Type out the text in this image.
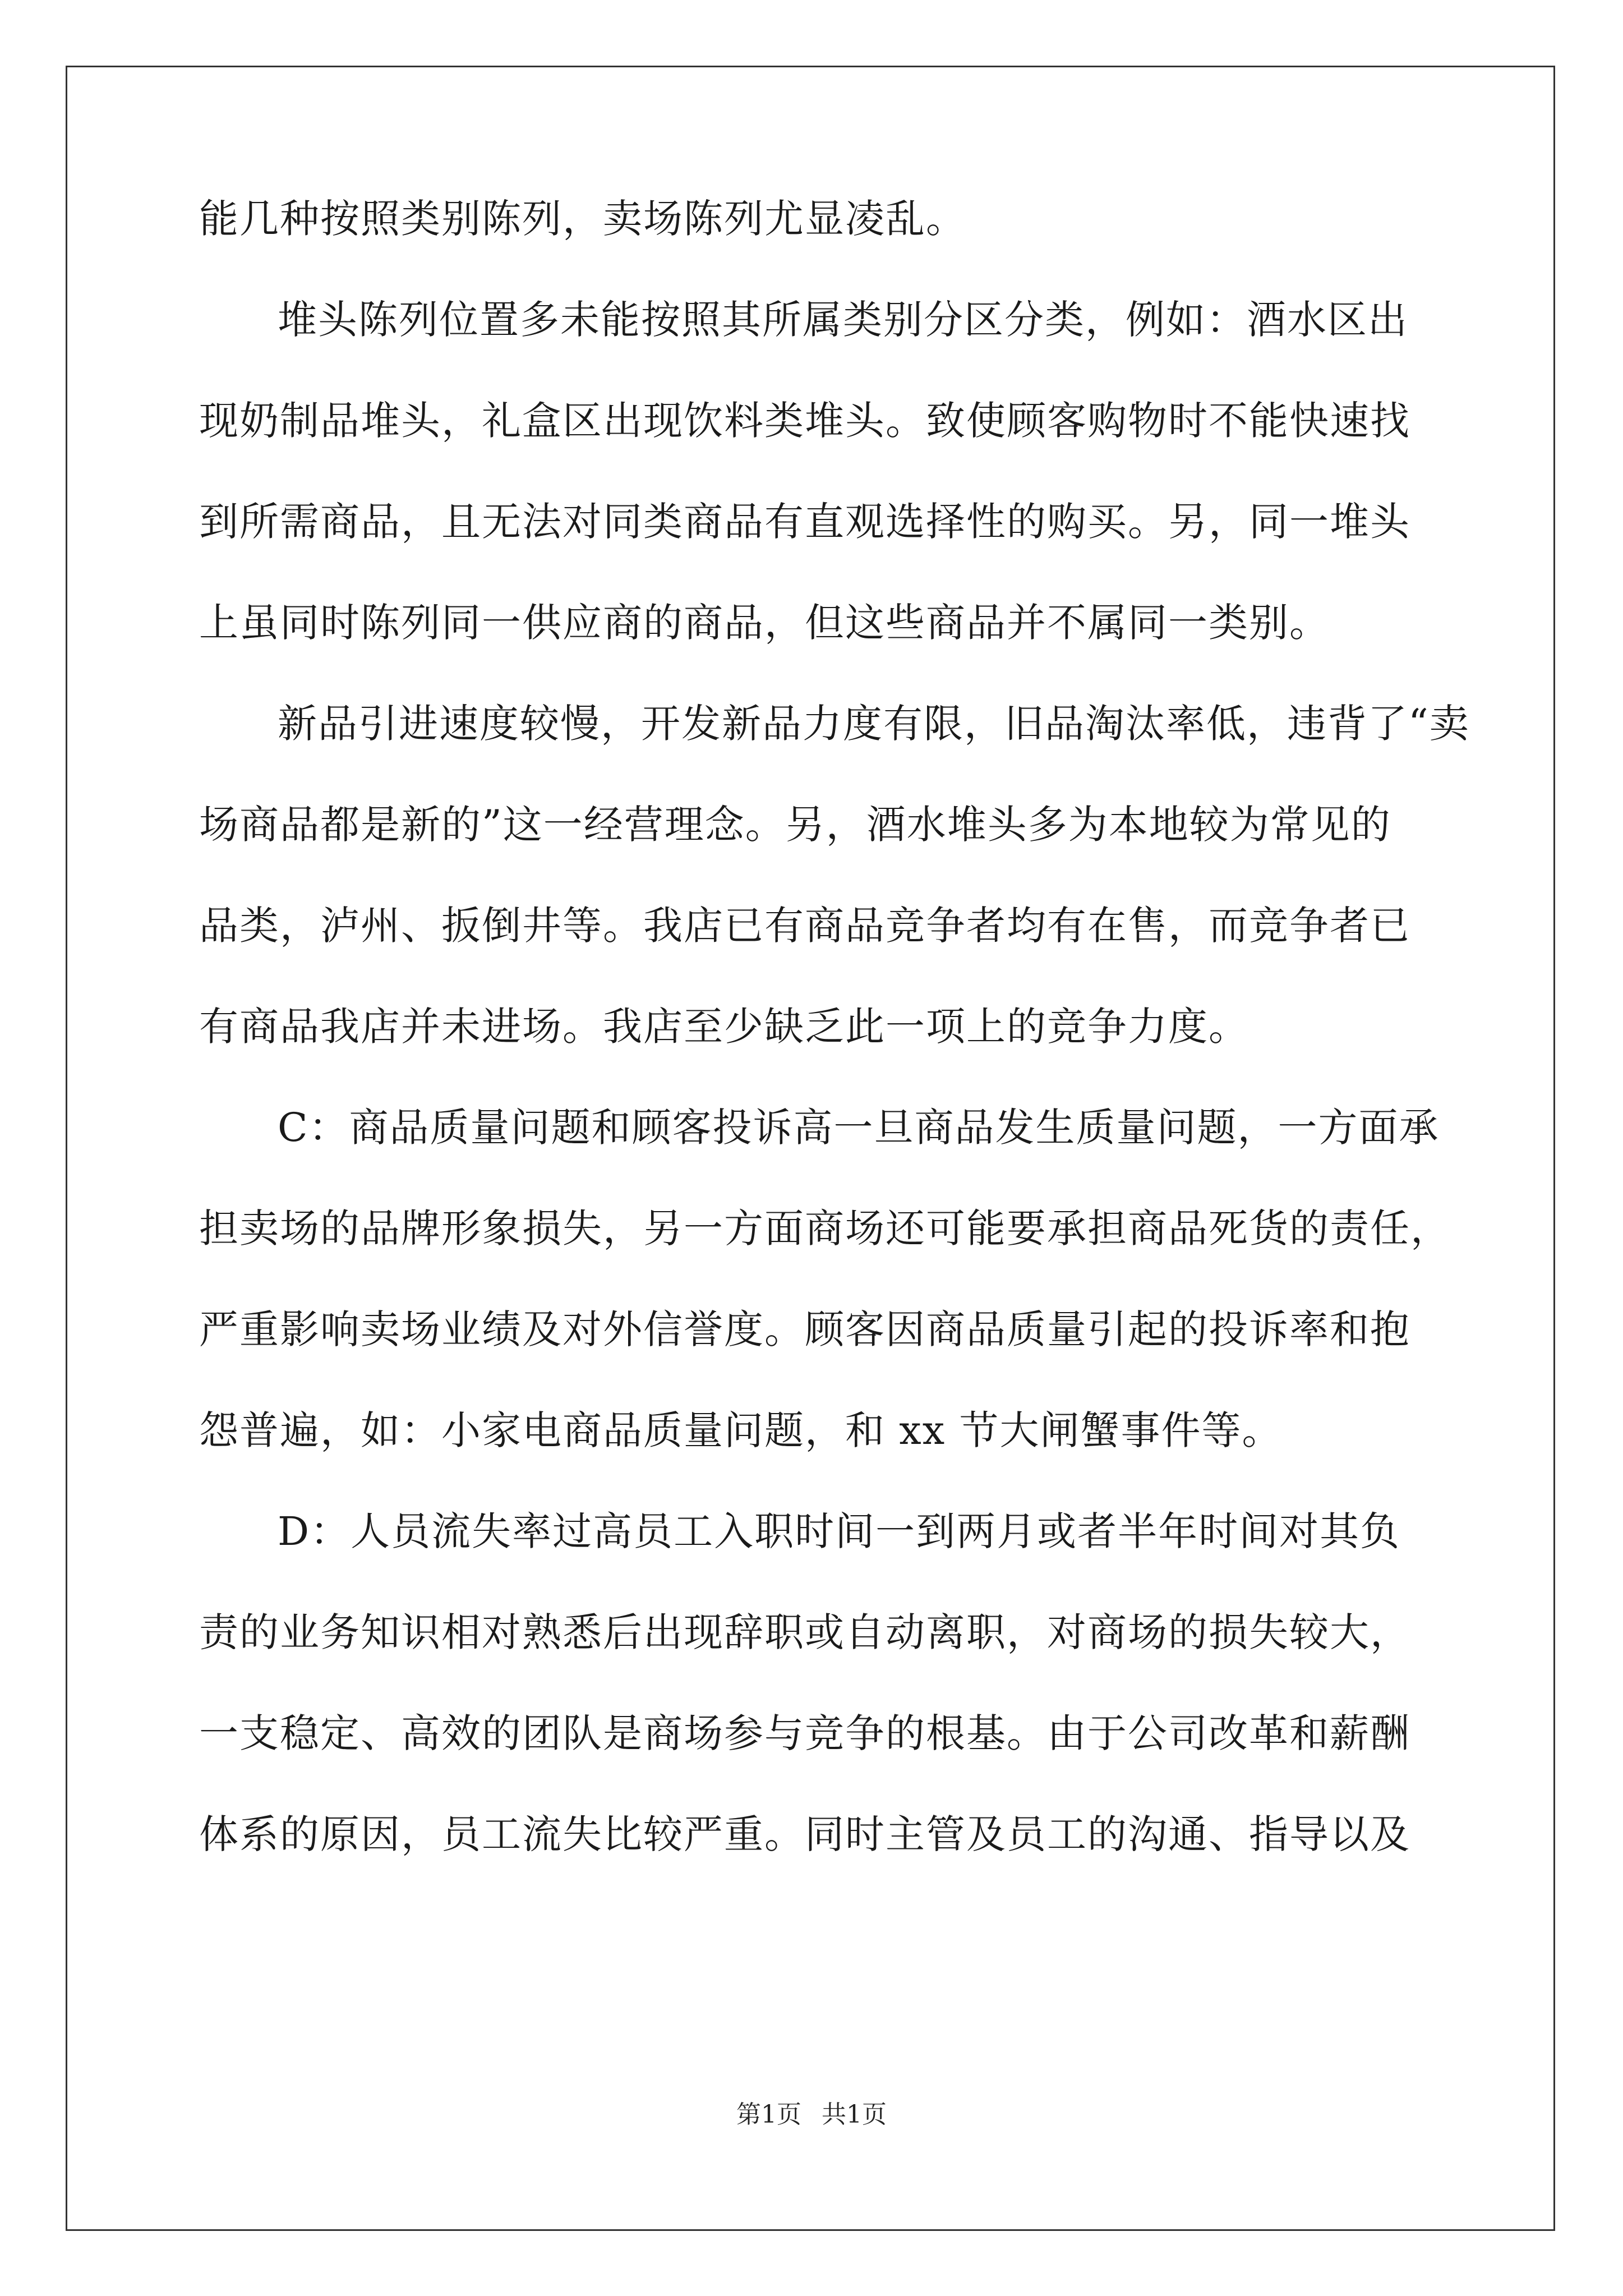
能几种按照类别陈列，卖场陈列尤显凌乱。
堆头陈列位置多未能按照其所属类别分区分类，例如：酒水区出
现奶制品堆头，礼盒区出现饮料类堆头。致使顾客购物时不能快速找
到所需商品，且无法对同类商品有直观选择性的购买。另，同一堆头
上虽同时陈列同一供应商的商品，但这些商品并不属同一类别。
新品引进速度较慢，开发新品力度有限，旧品淘汰率低，违背了“卖
场商品都是新的”这一经营理念。另，酒水堆头多为本地较为常见的
品类，泸州、扳倒井等。我店已有商品竞争者均有在售，而竞争者已
有商品我店并未进场。我店至少缺乏此一项上的竞争力度。
C：商品质量问题和顾客投诉高一旦商品发生质量问题，一方面承
担卖场的品牌形象损失，另一方面商场还可能要承担商品死货的责任，
严重影响卖场业绩及对外信誉度。顾客因商品质量引起的投诉率和抱
怨普遍，如：小家电商品质量问题，和 xx 节大闸蟹事件等。
D：人员流失率过高员工入职时间一到两月或者半年时间对其负
责的业务知识相对熟悉后出现辞职或自动离职，对商场的损失较大，
一支稳定、高效的团队是商场参与竞争的根基。由于公司改革和薪酬
体系的原因，员工流失比较严重。同时主管及员工的沟通、指导以及
第1页 共1页
